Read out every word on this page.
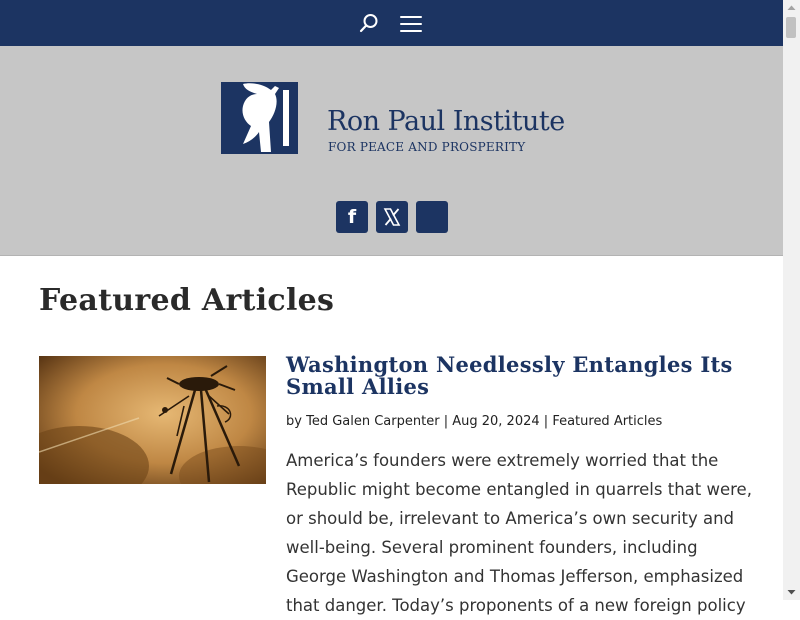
Ron Paul Institute
FOR PEACE AND PROSPERITY
f
Featured Articles
Washington Needlessly Entangles Its Small Allies
by Ted Galen Carpenter | Aug 20, 2024 | Featured Articles

America’s founders were extremely worried that the Republic might become entangled in quarrels that were, or should be, irrelevant to America’s own security and well-being. Several prominent founders, including George Washington and Thomas Jefferson, emphasized that danger. Today’s proponents of a new foreign policy
